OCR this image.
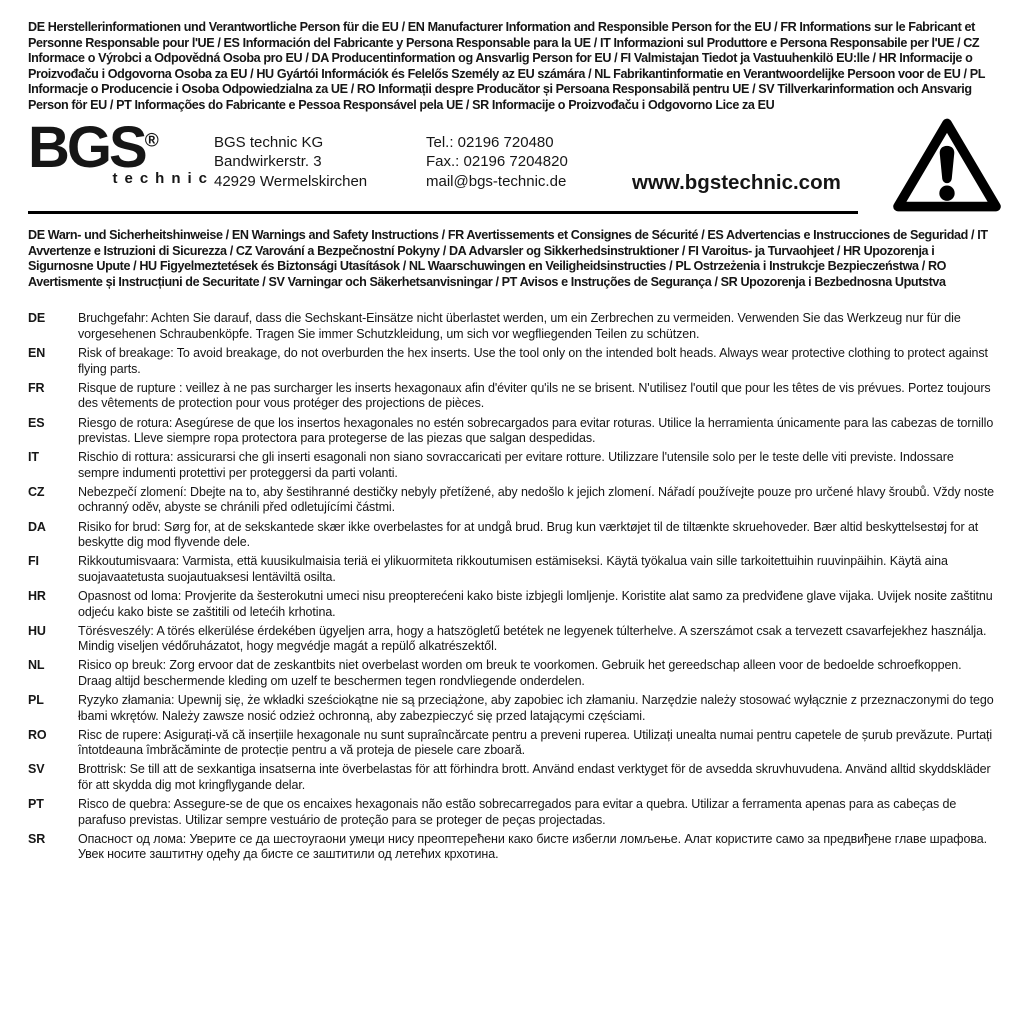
DE Herstellerinformationen und Verantwortliche Person für die EU / EN Manufacturer Information and Responsible Person for the EU / FR Informations sur le Fabricant et Personne Responsable pour l'UE / ES Información del Fabricante y Persona Responsable para la UE / IT Informazioni sul Produttore e Persona Responsabile per l'UE / CZ Informace o Výrobci a Odpovědná Osoba pro EU / DA Producentinformation og Ansvarlig Person for EU / FI Valmistajan Tiedot ja Vastuuhenkilö EU:lle / HR Informacije o Proizvođaču i Odgovorna Osoba za EU / HU Gyártói Információk és Felelős Személy az EU számára / NL Fabrikantinformatie en Verantwoordelijke Persoon voor de EU / PL Informacje o Producencie i Osoba Odpowiedzialna za UE / RO Informații despre Producător și Persoana Responsabilă pentru UE / SV Tillverkarinformation och Ansvarig Person för EU / PT Informações do Fabricante e Pessoa Responsável pela UE / SR Informacije o Proizvođaču i Odgovorno Lice za EU

BGS®
technic
BGS technic KG
Bandwirkerstr. 3
42929 Wermelskirchen
Tel.: 02196 720480
Fax.: 02196 7204820
mail@bgs-technic.de	www.bgstechnic.com

DE Warn- und Sicherheitshinweise / EN Warnings and Safety Instructions / FR Avertissements et Consignes de Sécurité / ES Advertencias e Instrucciones de Seguridad / IT Avvertenze e Istruzioni di Sicurezza / CZ Varování a Bezpečnostní Pokyny / DA Advarsler og Sikkerhedsinstruktioner / FI Varoitus- ja Turvaohjeet / HR Upozorenja i Sigurnosne Upute / HU Figyelmeztetések és Biztonsági Utasítások / NL Waarschuwingen en Veiligheidsinstructies / PL Ostrzeżenia i Instrukcje Bezpieczeństwa / RO Avertismente și Instrucțiuni de Securitate / SV Varningar och Säkerhetsanvisningar / PT Avisos e Instruções de Segurança / SR Upozorenja i Bezbednosna Uputstva

DE	Bruchgefahr: Achten Sie darauf, dass die Sechskant-Einsätze nicht überlastet werden, um ein Zerbrechen zu vermeiden. Verwenden Sie das Werkzeug nur für die vorgesehenen Schraubenköpfe. Tragen Sie immer Schutzkleidung, um sich vor wegfliegenden Teilen zu schützen.
EN	Risk of breakage: To avoid breakage, do not overburden the hex inserts. Use the tool only on the intended bolt heads. Always wear protective clothing to protect against flying parts.
FR	Risque de rupture : veillez à ne pas surcharger les inserts hexagonaux afin d'éviter qu'ils ne se brisent. N'utilisez l'outil que pour les têtes de vis prévues. Portez toujours des vêtements de protection pour vous protéger des projections de pièces.
ES	Riesgo de rotura: Asegúrese de que los insertos hexagonales no estén sobrecargados para evitar roturas. Utilice la herramienta únicamente para las cabezas de tornillo previstas. Lleve siempre ropa protectora para protegerse de las piezas que salgan despedidas.
IT	Rischio di rottura: assicurarsi che gli inserti esagonali non siano sovraccaricati per evitare rotture. Utilizzare l'utensile solo per le teste delle viti previste. Indossare sempre indumenti protettivi per proteggersi da parti volanti.
CZ	Nebezpečí zlomení: Dbejte na to, aby šestihranné destičky nebyly přetížené, aby nedošlo k jejich zlomení. Nářadí používejte pouze pro určené hlavy šroubů. Vždy noste ochranný oděv, abyste se chránili před odletujícími částmi.
DA	Risiko for brud: Sørg for, at de sekskantede skær ikke overbelastes for at undgå brud. Brug kun værktøjet til de tiltænkte skruehoveder. Bær altid beskyttelsestøj for at beskytte dig mod flyvende dele.
FI	Rikkoutumisvaara: Varmista, että kuusikulmaisia teriä ei ylikuormiteta rikkoutumisen estämiseksi. Käytä työkalua vain sille tarkoitettuihin ruuvinpäihin. Käytä aina suojavaatetusta suojautuaksesi lentäviltä osilta.
HR	Opasnost od loma: Provjerite da šesterokutni umeci nisu preopterećeni kako biste izbjegli lomljenje. Koristite alat samo za predviđene glave vijaka. Uvijek nosite zaštitnu odjeću kako biste se zaštitili od letećih krhotina.
HU	Törésveszély: A törés elkerülése érdekében ügyeljen arra, hogy a hatszögletű betétek ne legyenek túlterhelve. A szerszámot csak a tervezett csavarfejekhez használja. Mindig viseljen védőruházatot, hogy megvédje magát a repülő alkatrészektől.
NL	Risico op breuk: Zorg ervoor dat de zeskantbits niet overbelast worden om breuk te voorkomen. Gebruik het gereedschap alleen voor de bedoelde schroefkoppen. Draag altijd beschermende kleding om uzelf te beschermen tegen rondvliegende onderdelen.
PL	Ryzyko złamania: Upewnij się, że wkładki sześciokątne nie są przeciążone, aby zapobiec ich złamaniu. Narzędzie należy stosować wyłącznie z przeznaczonymi do tego łbami wkrętów. Należy zawsze nosić odzież ochronną, aby zabezpieczyć się przed latającymi częściami.
RO	Risc de rupere: Asigurați-vă că inserțiile hexagonale nu sunt supraîncărcate pentru a preveni ruperea. Utilizați unealta numai pentru capetele de șurub prevăzute. Purtați întotdeauna îmbrăcăminte de protecție pentru a vă proteja de piesele care zboară.
SV	Brottrisk: Se till att de sexkantiga insatserna inte överbelastas för att förhindra brott. Använd endast verktyget för de avsedda skruvhuvudena. Använd alltid skyddskläder för att skydda dig mot kringflygande delar.
PT	Risco de quebra: Assegure-se de que os encaixes hexagonais não estão sobrecarregados para evitar a quebra. Utilizar a ferramenta apenas para as cabeças de parafuso previstas. Utilizar sempre vestuário de proteção para se proteger de peças projectadas.
SR	Опасност од лома: Уверите се да шестоугаони умеци нису преоптерећени како бисте избегли ломљење. Алат користите само за предвиђене главе шрафова. Увек носите заштитну одећу да бисте се заштитили од летећих крхотина.
